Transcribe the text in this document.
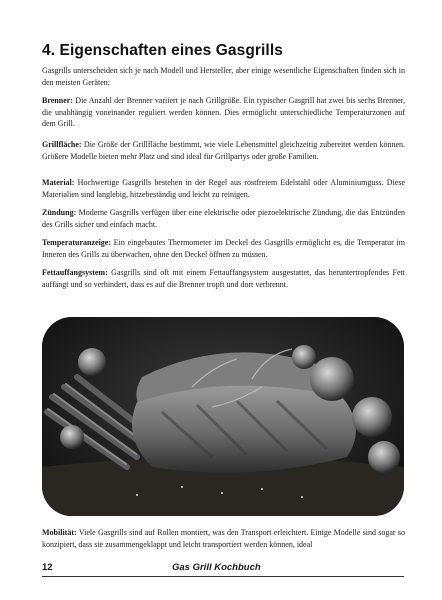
4. Eigenschaften eines Gasgrills

Gasgrills unterscheiden sich je nach Modell und Hersteller, aber einige wesentliche Eigenschaften finden sich in den meisten Geräten:

Brenner: Die Anzahl der Brenner variiert je nach Grillgröße. Ein typischer Gasgrill hat zwei bis sechs Brenner, die unabhängig voneinander reguliert werden können. Dies ermöglicht unterschiedliche Temperaturzonen auf dem Grill.

Grillfläche: Die Größe der Grillfläche bestimmt, wie viele Lebensmittel gleichzeitig zubereitet werden können. Größere Modelle bieten mehr Platz und sind ideal für Grillpartys oder große Familien.

Material: Hochwertige Gasgrills bestehen in der Regel aus rostfreiem Edelstahl oder Aluminiumguss. Diese Materialien sind langlebig, hitzebeständig und leicht zu reinigen.

Zündung: Moderne Gasgrills verfügen über eine elektrische oder piezoelektrische Zündung, die das Entzünden des Grills sicher und einfach macht.

Temperaturanzeige: Ein eingebautes Thermometer im Deckel des Gasgrills ermöglicht es, die Temperatur im Inneren des Grills zu überwachen, ohne den Deckel öffnen zu müssen.

Fettauffangsystem: Gasgrills sind oft mit einem Fettauffangsystem ausgestattet, das heruntertropfendes Fett auffängt und so verhindert, dass es auf die Brenner tropft und dort verbrennt.

Mobilität: Viele Gasgrills sind auf Rollen montiert, was den Transport erleichtert. Einige Modelle sind sogar so konzipiert, dass sie zusammengeklappt und leicht transportiert werden können, ideal

12	Gas Grill Kochbuch
